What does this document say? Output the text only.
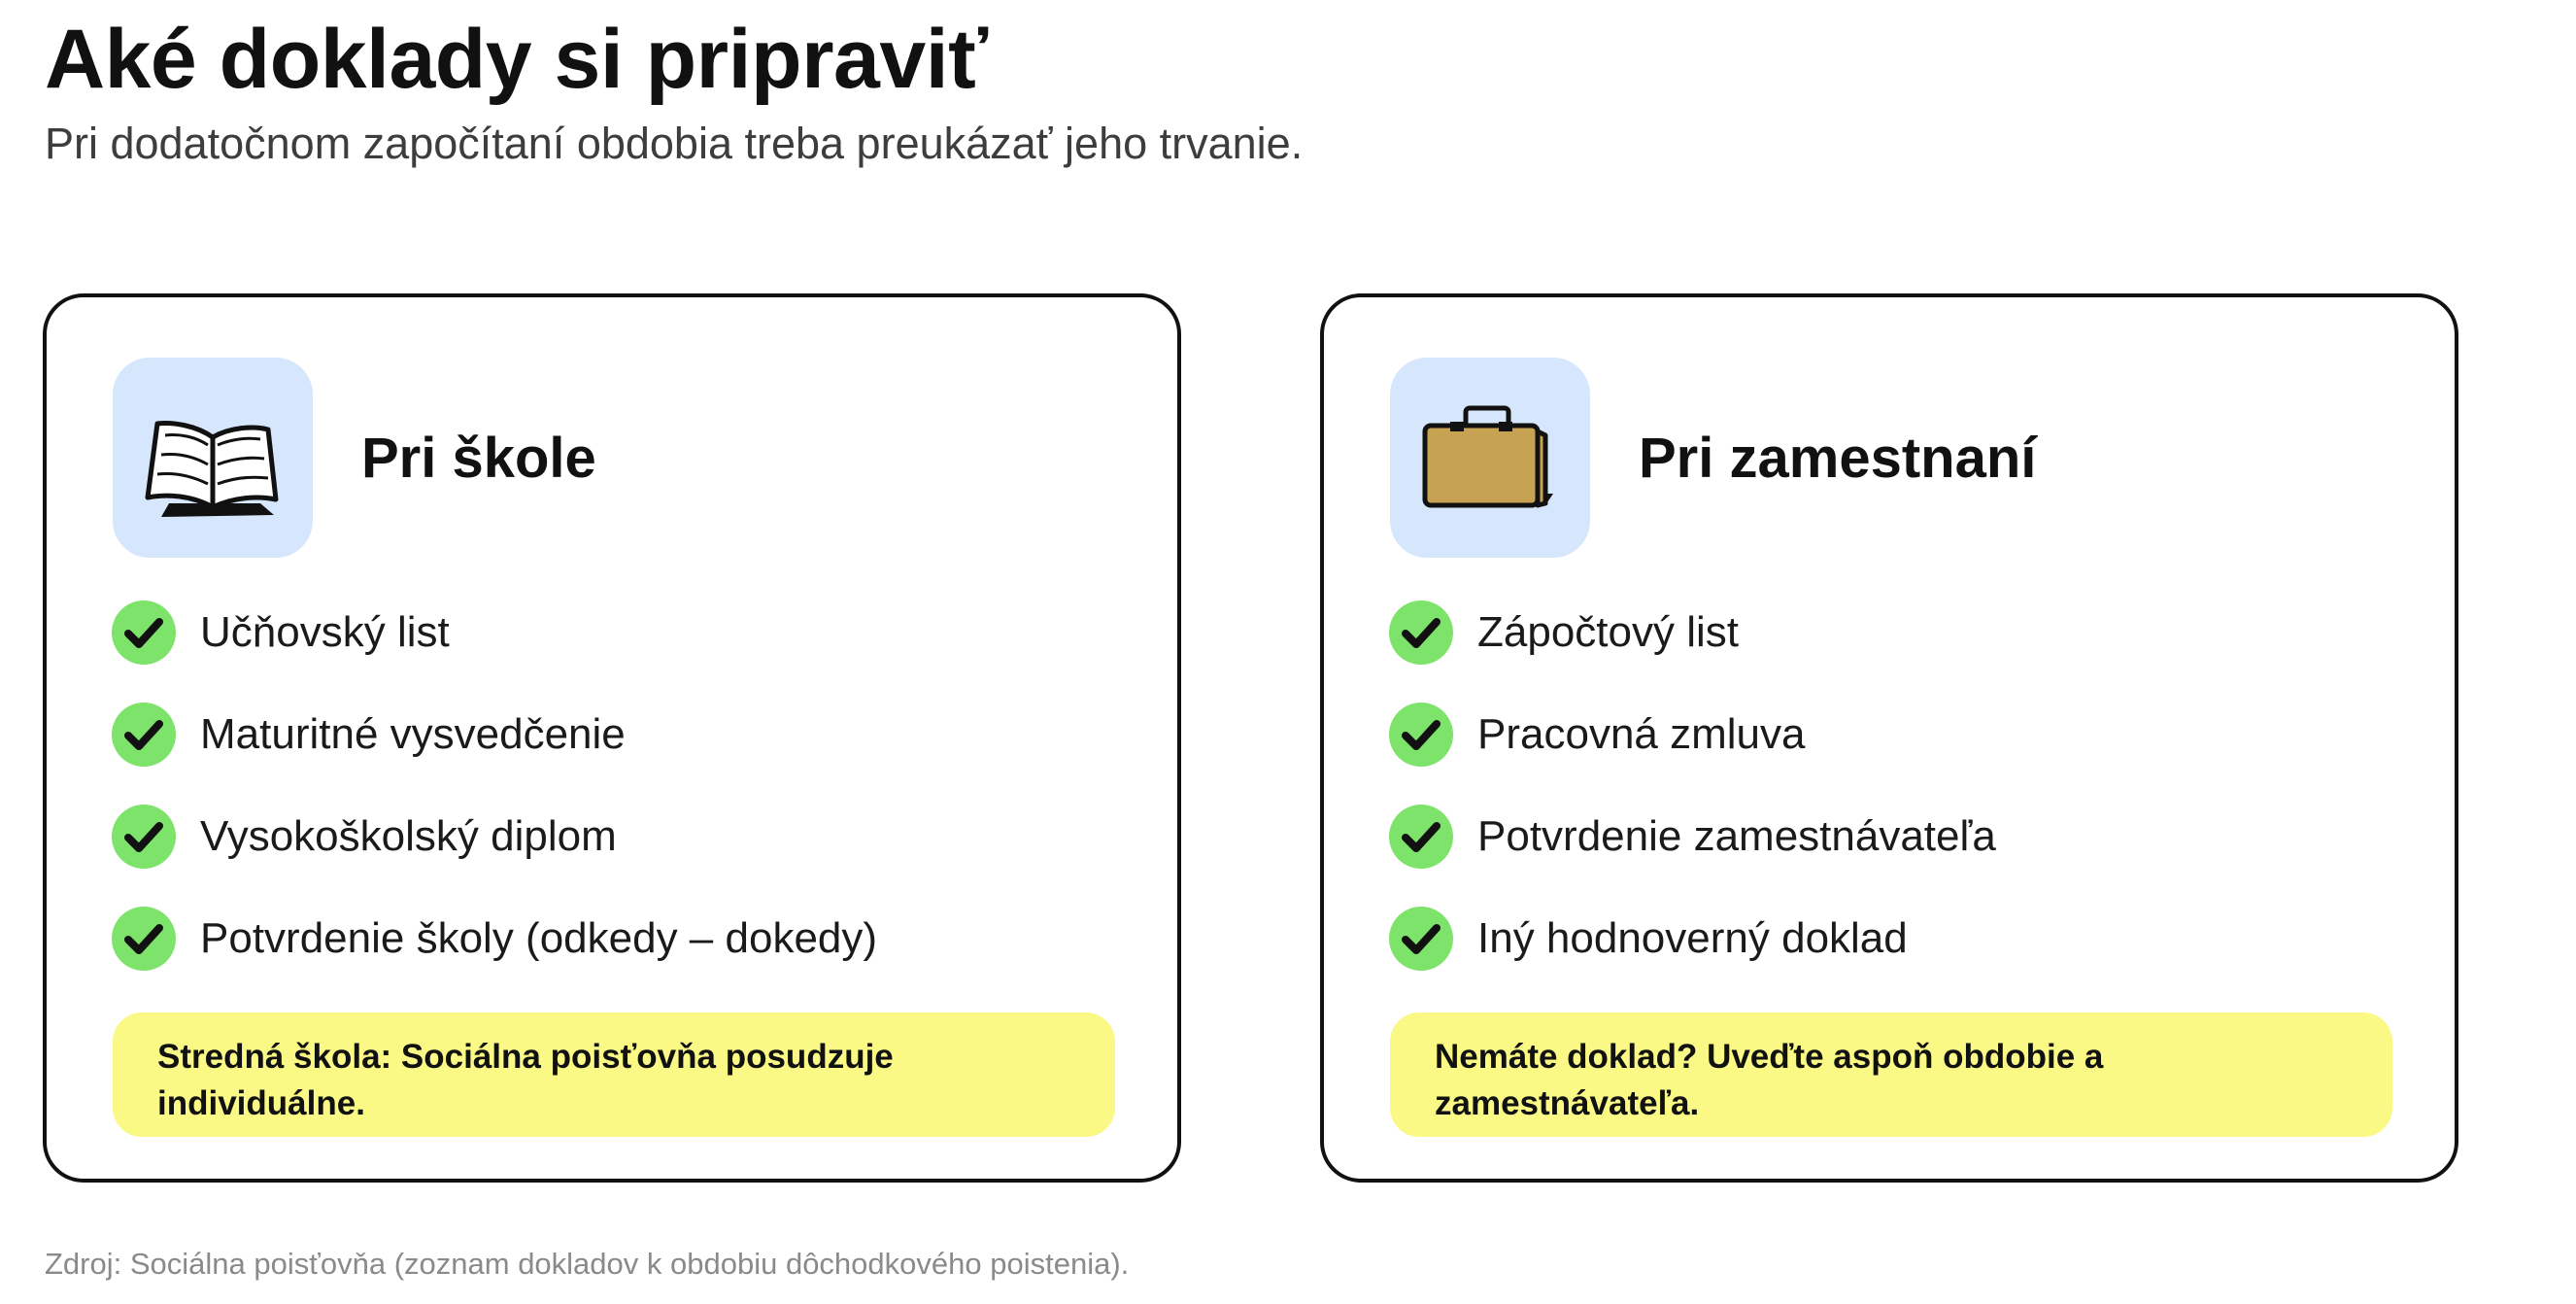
Aké doklady si pripraviť

Pri dodatočnom započítaní obdobia treba preukázať jeho trvanie.

Pri škole
Učňovský list
Maturitné vysvedčenie
Vysokoškolský diplom
Potvrdenie školy (odkedy – dokedy)

Stredná škola: Sociálna poisťovňa posudzuje individuálne.

Pri zamestnaní
Zápočtový list
Pracovná zmluva
Potvrdenie zamestnávateľa
Iný hodnoverný doklad

Nemáte doklad? Uveďte aspoň obdobie a zamestnávateľa.

Zdroj: Sociálna poisťovňa (zoznam dokladov k obdobiu dôchodkového poistenia).
